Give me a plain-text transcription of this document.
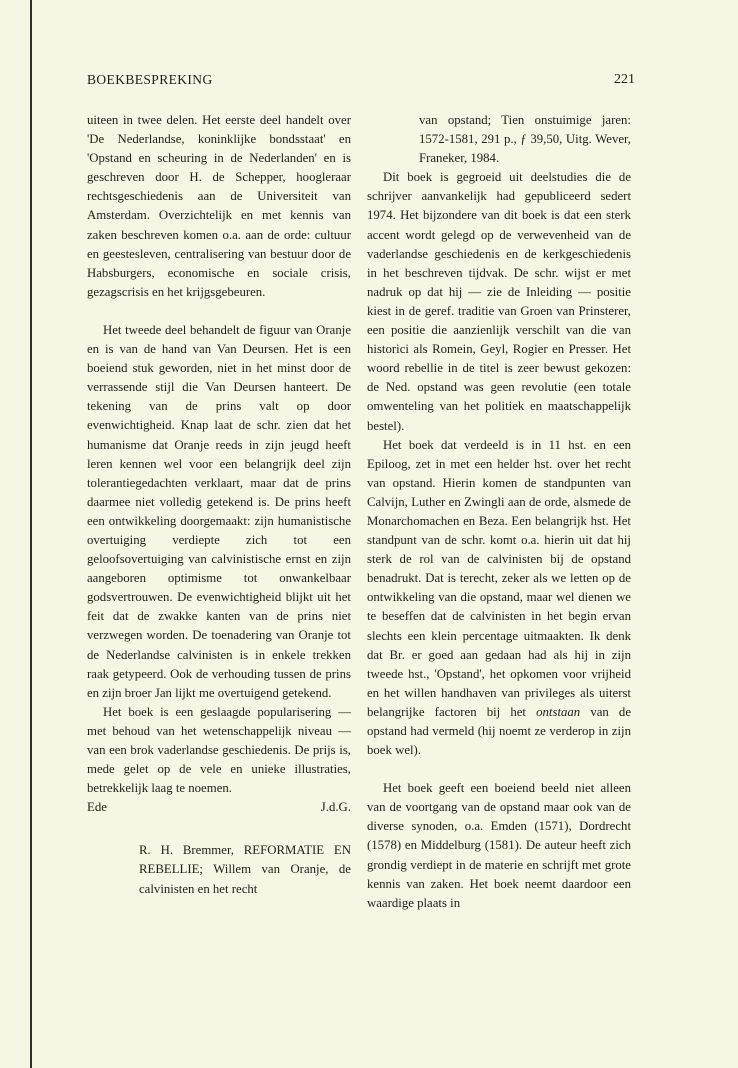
BOEKBESPREKING	221

uiteen in twee delen. Het eerste deel handelt over 'De Nederlandse, koninklijke bondsstaat' en 'Opstand en scheuring in de Nederlanden' en is geschreven door H. de Schepper, hoogleraar rechtsgeschiedenis aan de Universiteit van Amsterdam. Overzichtelijk en met kennis van zaken beschreven komen o.a. aan de orde: cultuur en geestesleven, centralisering van bestuur door de Habsburgers, economische en sociale crisis, gezagscrisis en het krijgsgebeuren.

Het tweede deel behandelt de figuur van Oranje en is van de hand van Van Deursen. Het is een boeiend stuk geworden, niet in het minst door de verrassende stijl die Van Deursen hanteert. De tekening van de prins valt op door evenwichtigheid. Knap laat de schr. zien dat het humanisme dat Oranje reeds in zijn jeugd heeft leren kennen wel voor een belangrijk deel zijn tolerantiegedachten verklaart, maar dat de prins daarmee niet volledig getekend is. De prins heeft een ontwikkeling doorgemaakt: zijn humanistische overtuiging verdiepte zich tot een geloofsovertuiging van calvinistische ernst en zijn aangeboren optimisme tot onwankelbaar godsvertrouwen. De evenwichtigheid blijkt uit het feit dat de zwakke kanten van de prins niet verzwegen worden. De toenadering van Oranje tot de Nederlandse calvinisten is in enkele trekken raak getypeerd. Ook de verhouding tussen de prins en zijn broer Jan lijkt me overtuigend getekend.

Het boek is een geslaagde popularisering — met behoud van het wetenschappelijk niveau — van een brok vaderlandse geschiedenis. De prijs is, mede gelet op de vele en unieke illustraties, betrekkelijk laag te noemen.

Ede	J.d.G.

R. H. Bremmer, REFORMATIE EN REBELLIE; Willem van Oranje, de calvinisten en het recht

van opstand; Tien onstuimige jaren: 1572-1581, 291 p., ƒ 39,50, Uitg. Wever, Franeker, 1984.

Dit boek is gegroeid uit deelstudies die de schrijver aanvankelijk had gepubliceerd sedert 1974. Het bijzondere van dit boek is dat een sterk accent wordt gelegd op de verwevenheid van de vaderlandse geschiedenis en de kerkgeschiedenis in het beschreven tijdvak. De schr. wijst er met nadruk op dat hij — zie de Inleiding — positie kiest in de geref. traditie van Groen van Prinsterer, een positie die aanzienlijk verschilt van die van historici als Romein, Geyl, Rogier en Presser. Het woord rebellie in de titel is zeer bewust gekozen: de Ned. opstand was geen revolutie (een totale omwenteling van het politiek en maatschappelijk bestel).

Het boek dat verdeeld is in 11 hst. en een Epiloog, zet in met een helder hst. over het recht van opstand. Hierin komen de standpunten van Calvijn, Luther en Zwingli aan de orde, alsmede de Monarchomachen en Beza. Een belangrijk hst. Het standpunt van de schr. komt o.a. hierin uit dat hij sterk de rol van de calvinisten bij de opstand benadrukt. Dat is terecht, zeker als we letten op de ontwikkeling van die opstand, maar wel dienen we te beseffen dat de calvinisten in het begin ervan slechts een klein percentage uitmaakten. Ik denk dat Br. er goed aan gedaan had als hij in zijn tweede hst., 'Opstand', het opkomen voor vrijheid en het willen handhaven van privileges als uiterst belangrijke factoren bij het ontstaan van de opstand had vermeld (hij noemt ze verderop in zijn boek wel).

Het boek geeft een boeiend beeld niet alleen van de voortgang van de opstand maar ook van de diverse synoden, o.a. Emden (1571), Dordrecht (1578) en Middelburg (1581). De auteur heeft zich grondig verdiept in de materie en schrijft met grote kennis van zaken. Het boek neemt daardoor een waardige plaats in
